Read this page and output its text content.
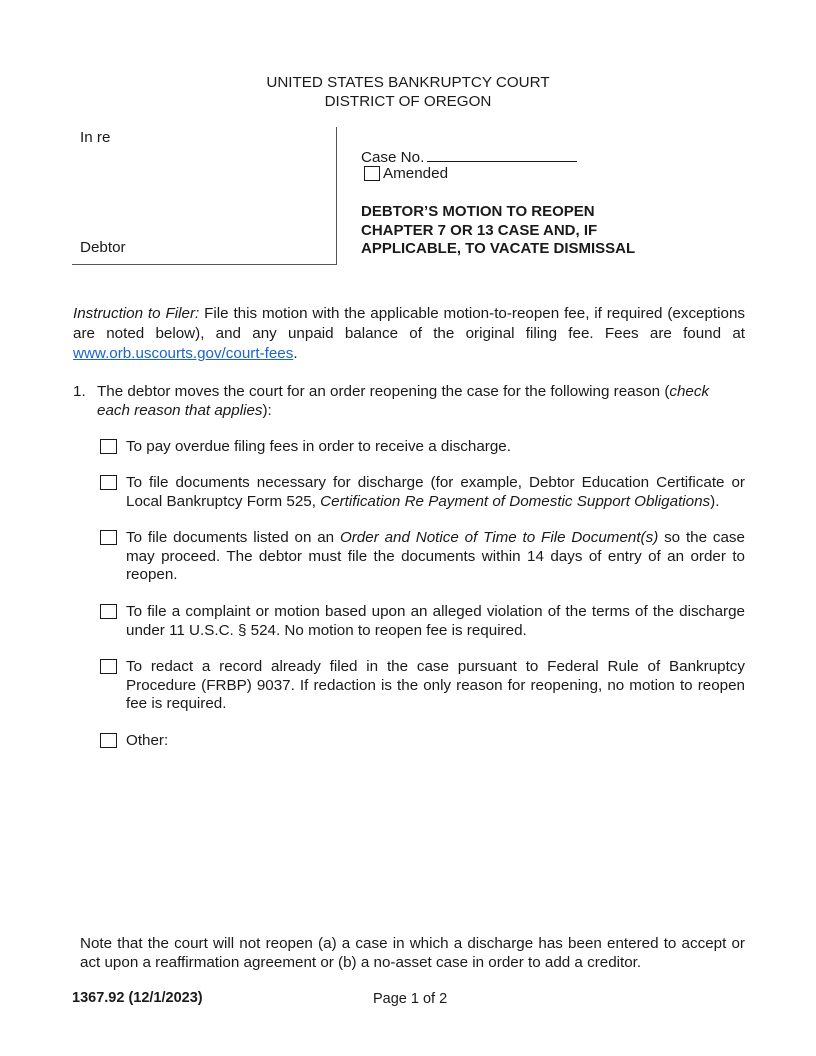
UNITED STATES BANKRUPTCY COURT
DISTRICT OF OREGON
In re
Debtor
Case No.
Amended
DEBTOR’S MOTION TO REOPEN
CHAPTER 7 OR 13 CASE AND, IF
APPLICABLE, TO VACATE DISMISSAL
Instruction to Filer: File this motion with the applicable motion-to-reopen fee, if required (exceptions are noted below), and any unpaid balance of the original filing fee. Fees are found at www.orb.uscourts.gov/court-fees.
1. The debtor moves the court for an order reopening the case for the following reason (check each reason that applies):
To pay overdue filing fees in order to receive a discharge.
To file documents necessary for discharge (for example, Debtor Education Certificate or Local Bankruptcy Form 525, Certification Re Payment of Domestic Support Obligations).
To file documents listed on an Order and Notice of Time to File Document(s) so the case may proceed. The debtor must file the documents within 14 days of entry of an order to reopen.
To file a complaint or motion based upon an alleged violation of the terms of the discharge under 11 U.S.C. § 524. No motion to reopen fee is required.
To redact a record already filed in the case pursuant to Federal Rule of Bankruptcy Procedure (FRBP) 9037. If redaction is the only reason for reopening, no motion to reopen fee is required.
Other:
Note that the court will not reopen (a) a case in which a discharge has been entered to accept or act upon a reaffirmation agreement or (b) a no-asset case in order to add a creditor.
1367.92 (12/1/2023)	Page 1 of 2
